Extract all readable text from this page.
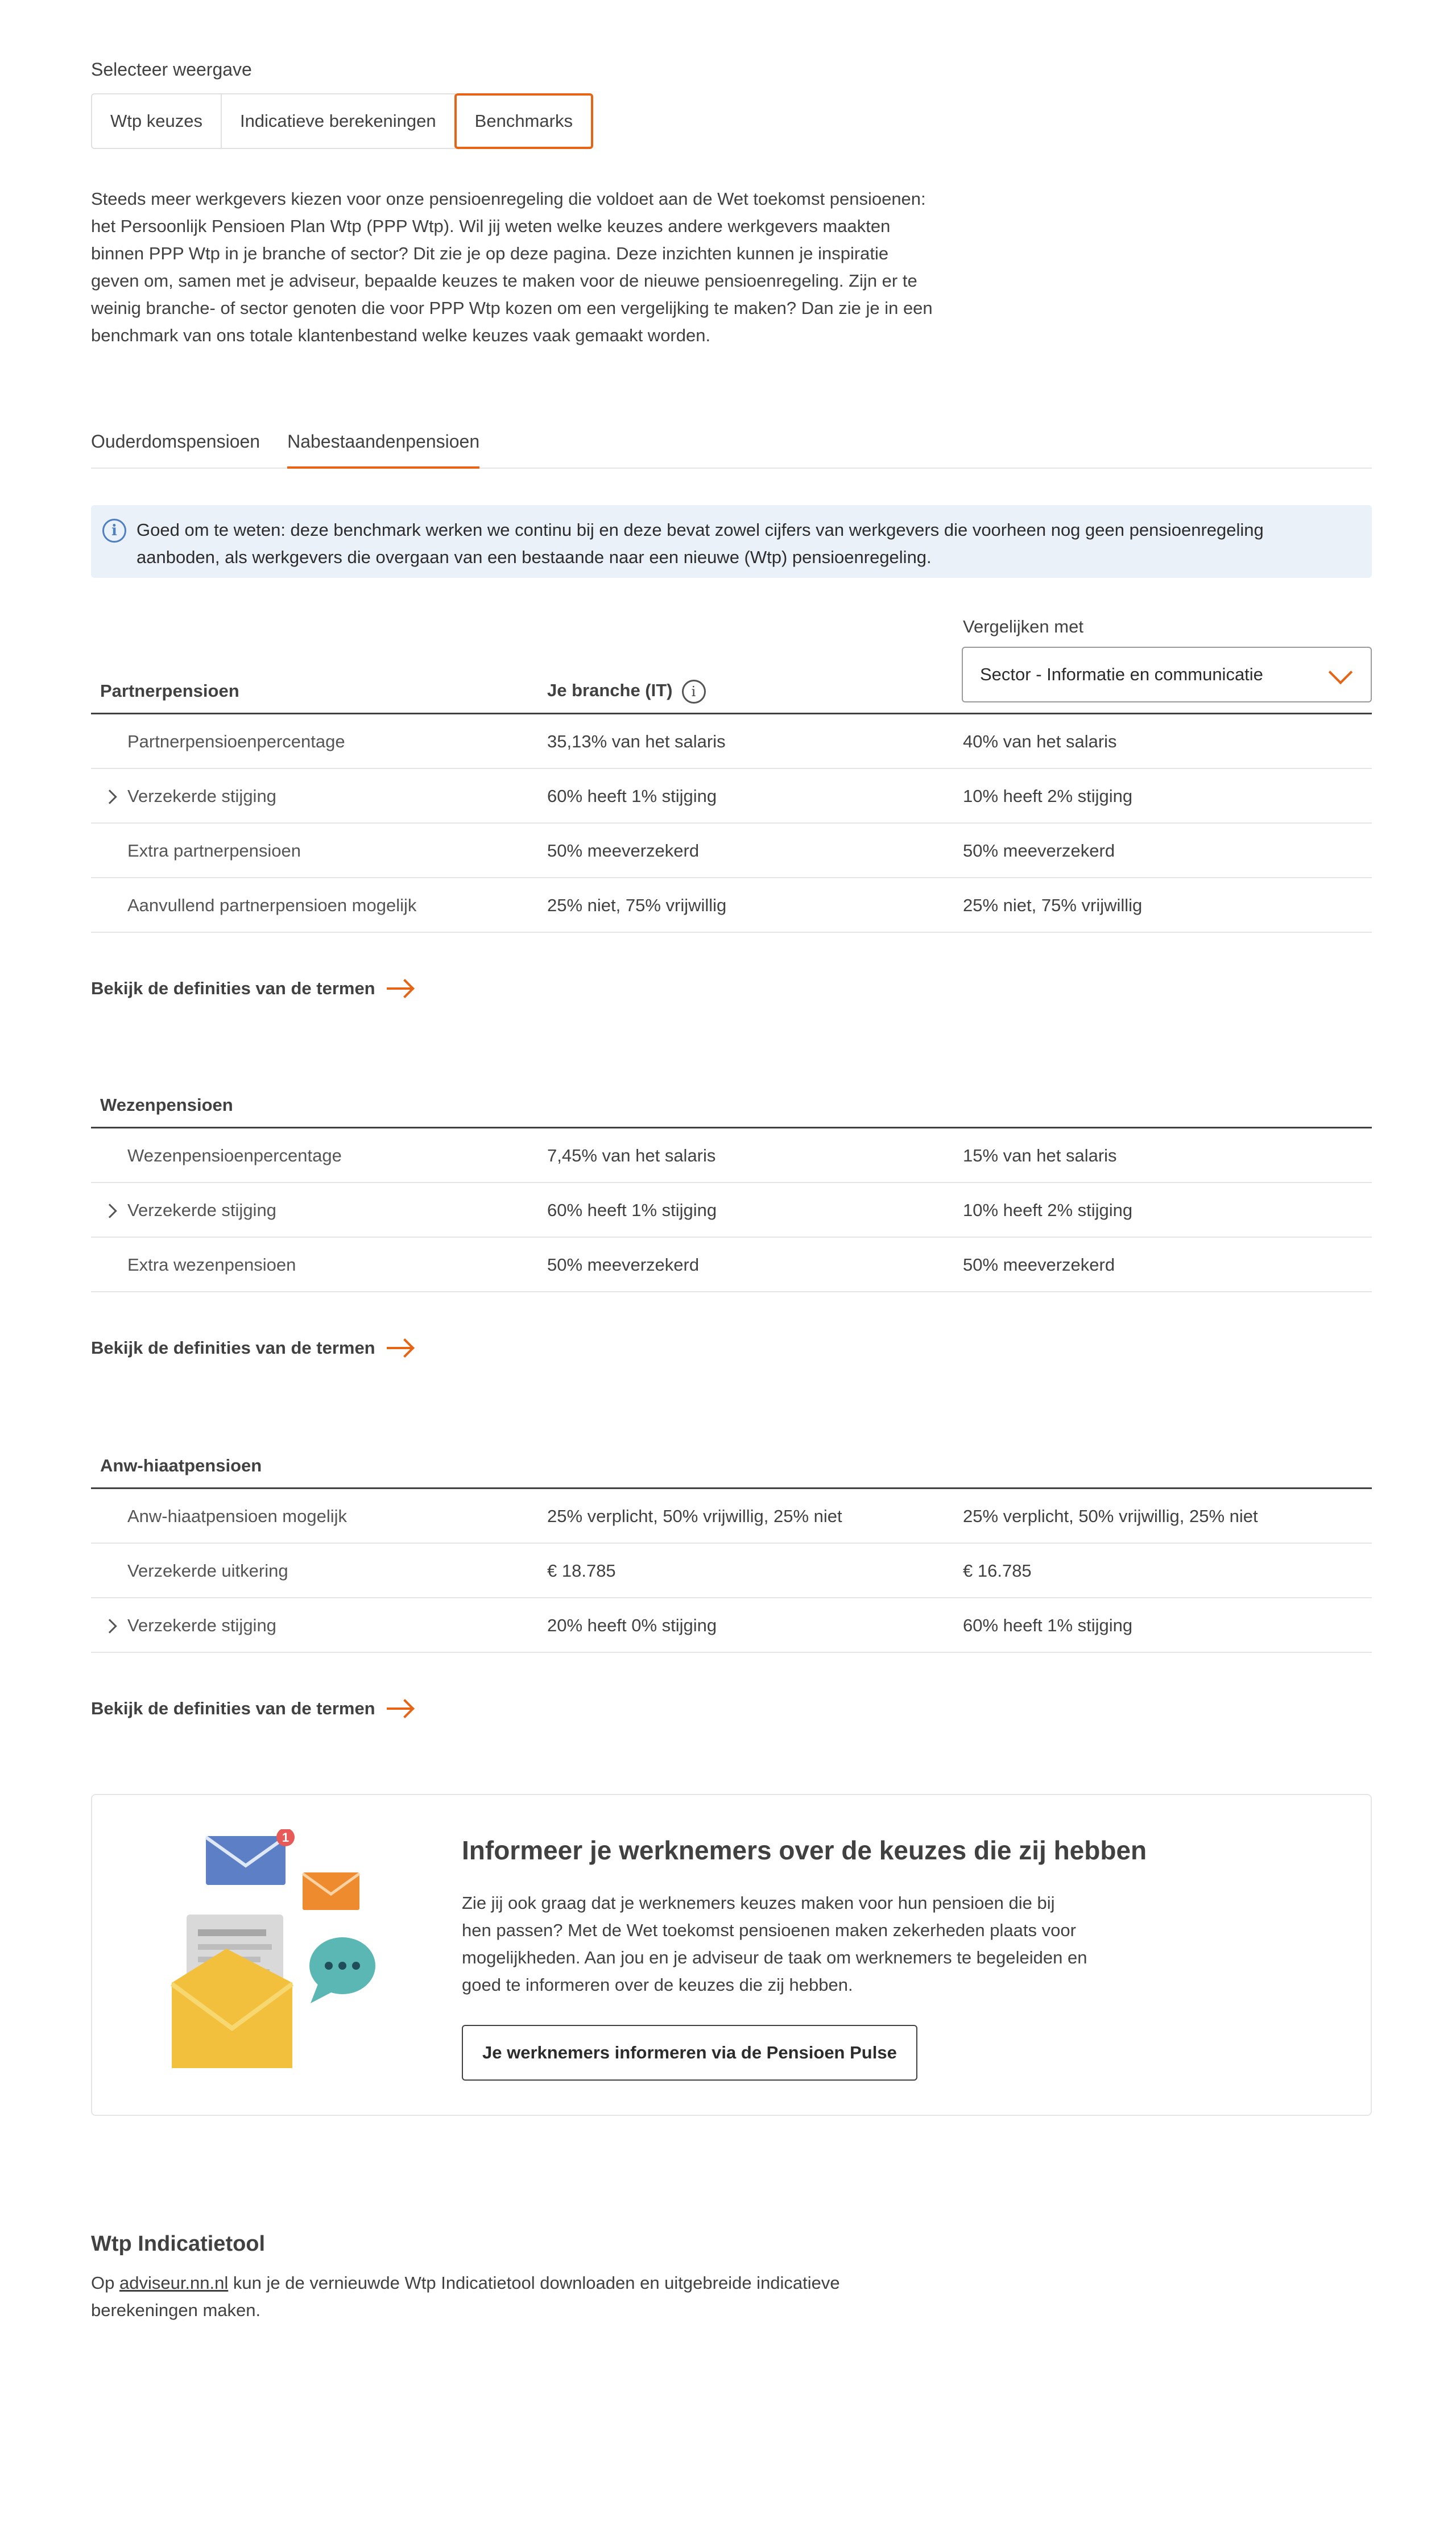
Selecteer weergave
Wtp keuzes	Indicatieve berekeningen	Benchmarks
Steeds meer werkgevers kiezen voor onze pensioenregeling die voldoet aan de Wet toekomst pensioenen: het Persoonlijk Pensioen Plan Wtp (PPP Wtp). Wil jij weten welke keuzes andere werkgevers maakten binnen PPP Wtp in je branche of sector? Dit zie je op deze pagina. Deze inzichten kunnen je inspiratie geven om, samen met je adviseur, bepaalde keuzes te maken voor de nieuwe pensioenregeling. Zijn er te weinig branche- of sector genoten die voor PPP Wtp kozen om een vergelijking te maken? Dan zie je in een benchmark van ons totale klantenbestand welke keuzes vaak gemaakt worden.
Ouderdomspensioen Nabestaandenpensioen
i	Goed om te weten: deze benchmark werken we continu bij en deze bevat zowel cijfers van werkgevers die voorheen nog geen pensioenregeling aanboden, als werkgevers die overgaan van een bestaande naar een nieuwe (Wtp) pensioenregeling.
Vergelijken met
Sector - Informatie en communicatie
Partnerpensioen	Je branche (IT) i
Partnerpensioenpercentage	35,13% van het salaris	40% van het salaris
Verzekerde stijging	60% heeft 1% stijging	10% heeft 2% stijging
Extra partnerpensioen	50% meeverzekerd	50% meeverzekerd
Aanvullend partnerpensioen mogelijk	25% niet, 75% vrijwillig	25% niet, 75% vrijwillig
Bekijk de definities van de termen
Wezenpensioen
Wezenpensioenpercentage	7,45% van het salaris	15% van het salaris
Verzekerde stijging	60% heeft 1% stijging	10% heeft 2% stijging
Extra wezenpensioen	50% meeverzekerd	50% meeverzekerd
Bekijk de definities van de termen
Anw-hiaatpensioen
Anw-hiaatpensioen mogelijk	25% verplicht, 50% vrijwillig, 25% niet	25% verplicht, 50% vrijwillig, 25% niet
Verzekerde uitkering	€ 18.785	€ 16.785
Verzekerde stijging	20% heeft 0% stijging	60% heeft 1% stijging
Bekijk de definities van de termen
1	Informeer je werknemers over de keuzes die zij hebben

Zie jij ook graag dat je werknemers keuzes maken voor hun pensioen die bij hen passen? Met de Wet toekomst pensioenen maken zekerheden plaats voor mogelijkheden. Aan jou en je adviseur de taak om werknemers te begeleiden en goed te informeren over de keuzes die zij hebben.

Je werknemers informeren via de Pensioen Pulse
Wtp Indicatietool
Op adviseur.nn.nl kun je de vernieuwde Wtp Indicatietool downloaden en uitgebreide indicatieve berekeningen maken.
